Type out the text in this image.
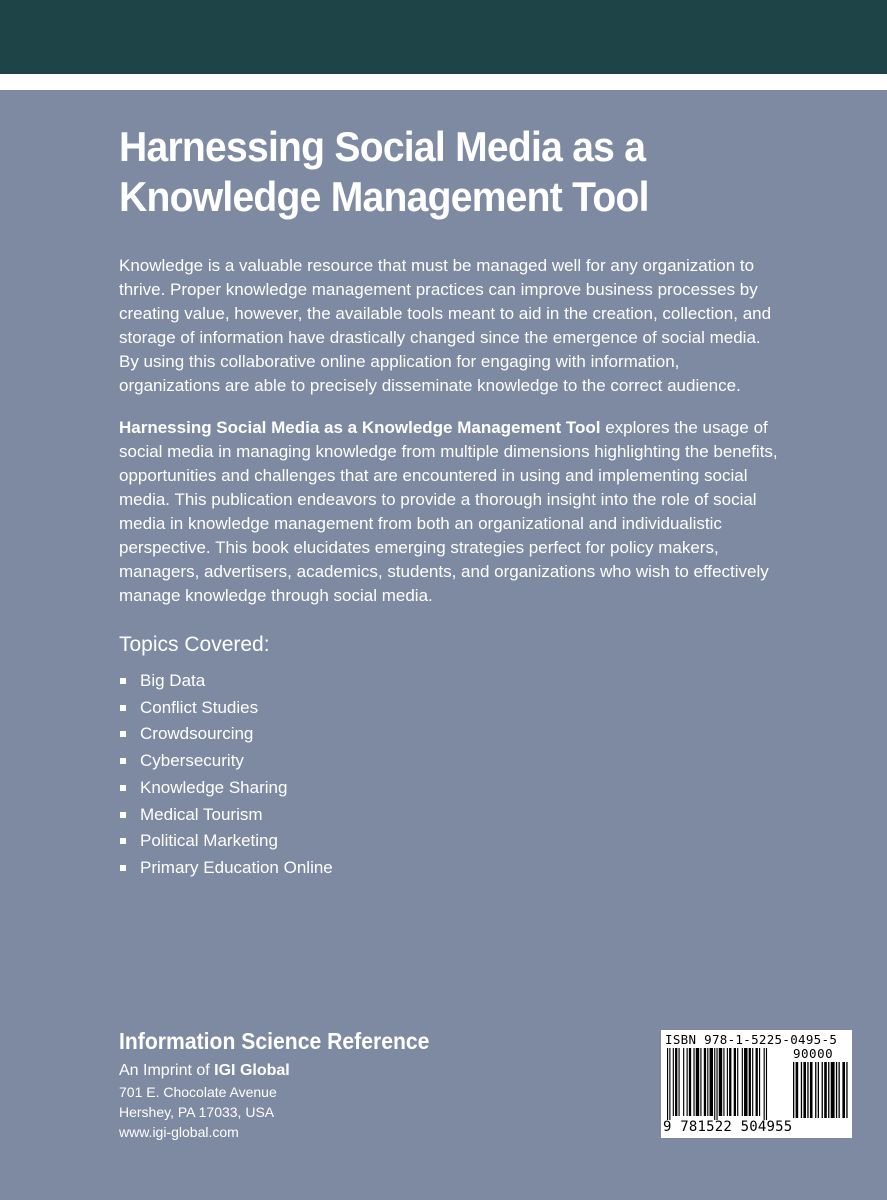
Harnessing Social Media as a
Knowledge Management Tool

Knowledge is a valuable resource that must be managed well for any organization to thrive. Proper knowledge management practices can improve business processes by creating value, however, the available tools meant to aid in the creation, collection, and storage of information have drastically changed since the emergence of social media. By using this collaborative online application for engaging with information, organizations are able to precisely disseminate knowledge to the correct audience.

Harnessing Social Media as a Knowledge Management Tool explores the usage of social media in managing knowledge from multiple dimensions highlighting the benefits, opportunities and challenges that are encountered in using and implementing social media. This publication endeavors to provide a thorough insight into the role of social media in knowledge management from both an organizational and individualistic perspective. This book elucidates emerging strategies perfect for policy makers, managers, advertisers, academics, students, and organizations who wish to effectively manage knowledge through social media.

Topics Covered:
Big Data
Conflict Studies
Crowdsourcing
Cybersecurity
Knowledge Sharing
Medical Tourism
Political Marketing
Primary Education Online
Information Science Reference
An Imprint of IGI Global
701 E. Chocolate Avenue
Hershey, PA 17033, USA
www.igi-global.com
ISBN 978-1-5225-0495-5
9 781522 504955
90000
